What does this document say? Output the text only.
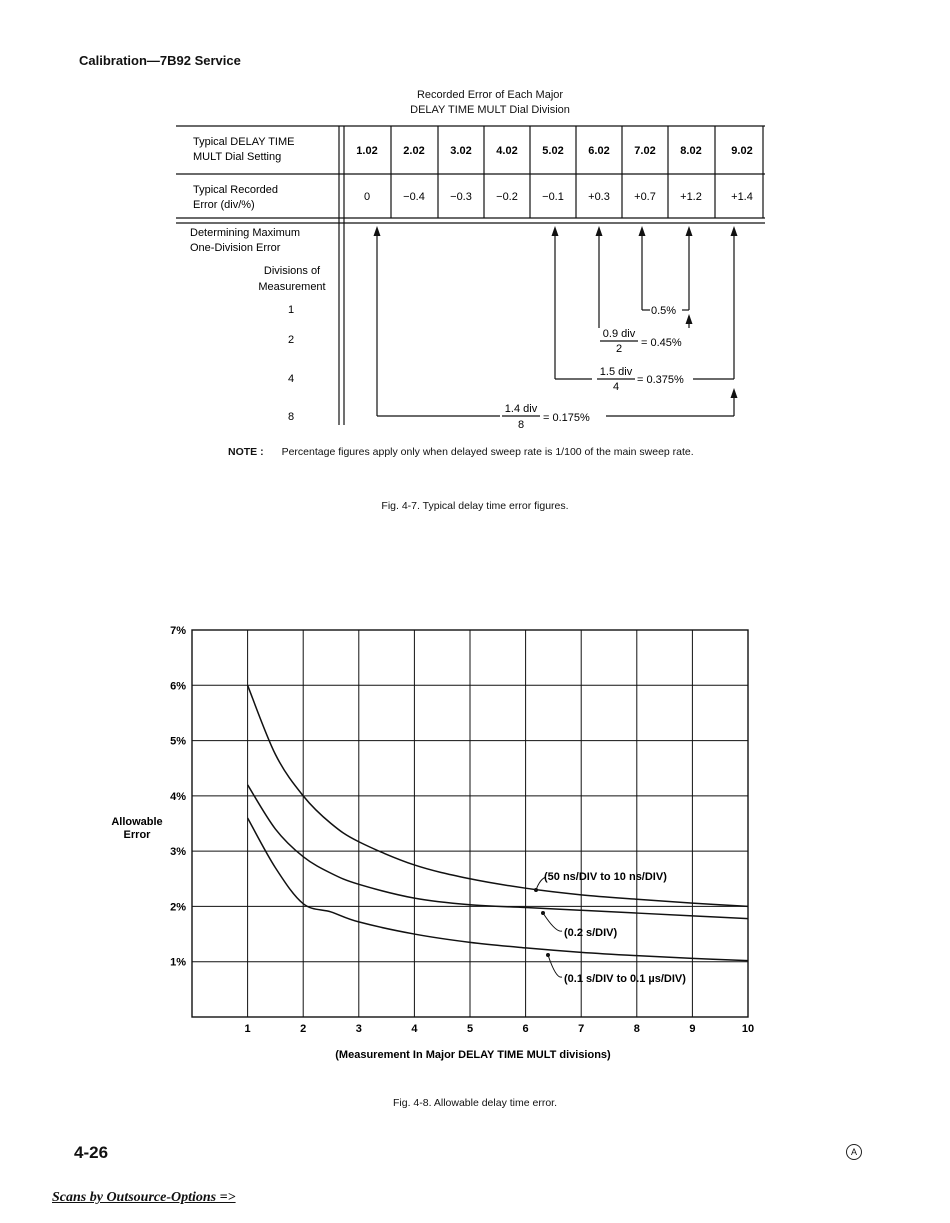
Calibration—7B92 Service
Recorded Error of Each Major
DELAY TIME MULT Dial Division
Typical DELAY TIME
MULT Dial Setting
Typical Recorded
Error (div/%)
1.02 2.02 3.02 4.02 5.02 6.02 7.02 8.02	9.02
0	−0.4 −0.3 −0.2 −0.1 +0.3 +0.7 +1.2	+1.4
Determining Maximum
One-Division Error
Divisions of
Measurement
1
2
4
8
0.5%
0.9 div
2 = 0.45%
1.5 div
4
= 0.375%
1.4 div
8
= 0.175%
NOTE : Percentage figures apply only when delayed sweep rate is 1/100 of the main sweep rate.
Fig. 4-7. Typical delay time error figures.
1	2	3	4	5	6	7	8	9	10
1%
2%
3%
4%
5%
6%
7%
Allowable Error
(Measurement In Major DELAY TIME MULT divisions)
(50 ns/DIV to 10 ns/DIV)
(0.2 s/DIV)
(0.1 s/DIV to 0.1 µs/DIV)
Fig. 4-8. Allowable delay time error.
4-26	A
Scans by Outsource-Options =>
